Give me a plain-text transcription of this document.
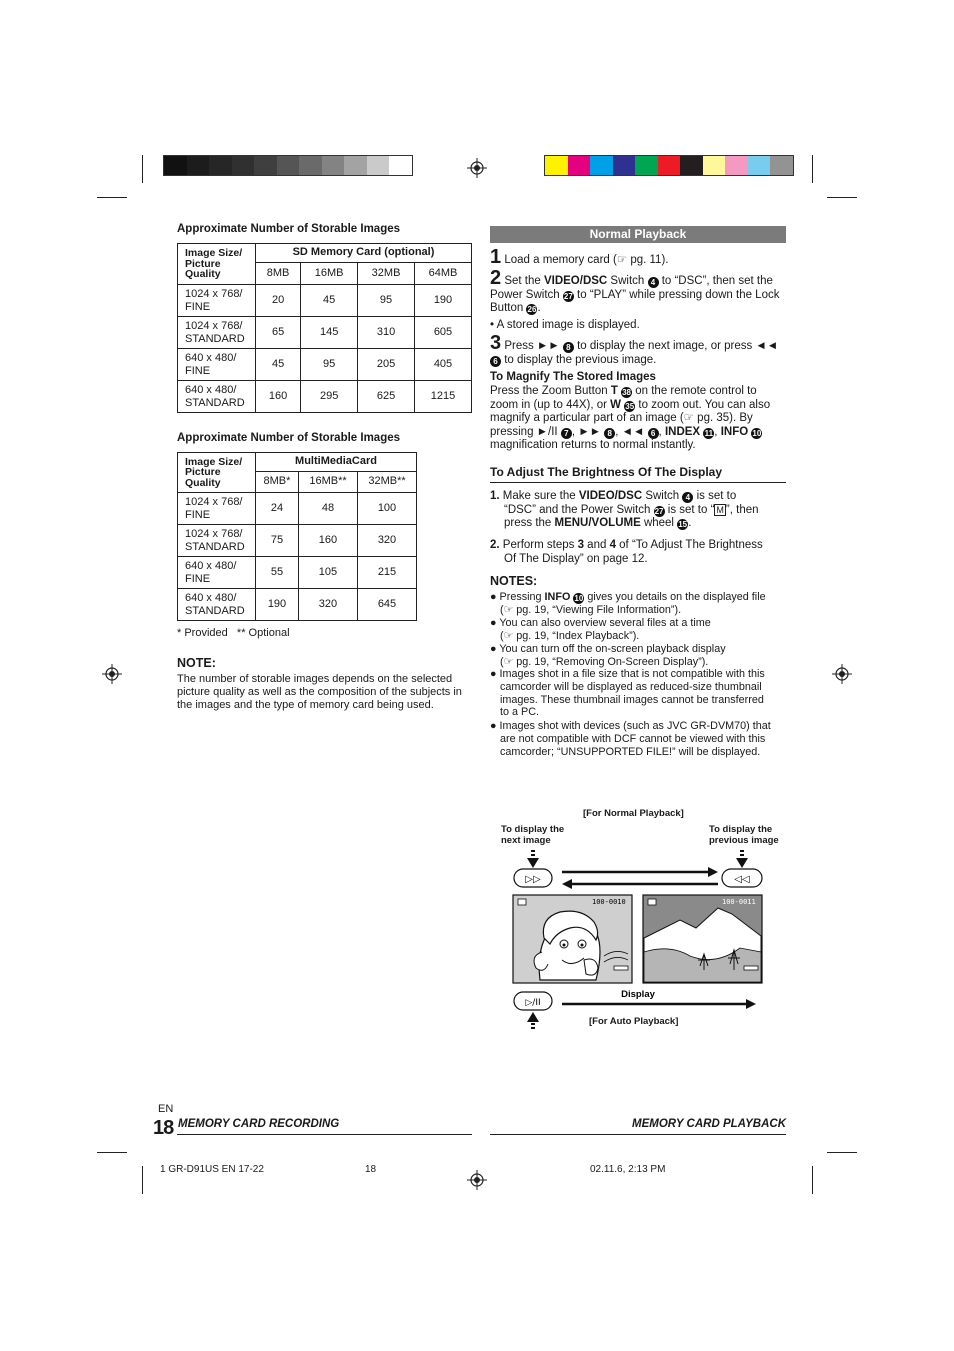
Approximate Number of Storable Images
Image Size/
Picture
Quality	SD Memory Card (optional)			
	8MB	16MB	32MB	64MB

1024 x 768/
FINE	20	45	95	190

1024 x 768/
STANDARD	65	145	310	605

640 x 480/
FINE	45	95	205	405

640 x 480/
STANDARD	160	295	625	1215
Approximate Number of Storable Images
Image Size/
Picture
Quality	MultiMediaCard		
	8MB*	16MB**	32MB**

1024 x 768/
FINE	24	48	100

1024 x 768/
STANDARD	75	160	320

640 x 480/
FINE	55	105	215

640 x 480/
STANDARD	190	320	645
* Provided   ** Optional
NOTE:
The number of storable images depends on the selected picture quality as well as the composition of the subjects in the images and the type of memory card being used.
Normal Playback
1 Load a memory card (☞ pg. 11).
2 Set the VIDEO/DSC Switch 4 to “DSC”, then set the Power Switch 27 to “PLAY” while pressing down the Lock Button 26.
• A stored image is displayed.
3 Press ►► 8 to display the next image, or press ◄◄ 6 to display the previous image.
To Magnify The Stored Images
Press the Zoom Button T 38 on the remote control to
zoom in (up to 44X), or W 35 to zoom out. You can also
magnify a particular part of an image (☞ pg. 35). By
pressing ►/II 7 , ►► 8 , ◄◄ 6 , INDEX 11, INFO 10
magnification returns to normal instantly.
To Adjust The Brightness Of The Display
1. Make sure the VIDEO/DSC Switch 4 is set to
“DSC” and the Power Switch 27 is set to “ M ”, then
press the MENU/VOLUME wheel 15.
2. Perform steps 3 and 4 of “To Adjust The Brightness
Of The Display” on page 12.
NOTES:
● Pressing INFO 10 gives you details on the displayed file
(☞ pg. 19, “Viewing File Information”).
● You can also overview several files at a time
(☞ pg. 19, “Index Playback”).
● You can turn off the on-screen playback display
(☞ pg. 19, “Removing On-Screen Display”).
● Images shot in a file size that is not compatible with this
camcorder will be displayed as reduced-size thumbnail
images. These thumbnail images cannot be transferred
to a PC.
● Images shot with devices (such as JVC GR-DVM70) that
are not compatible with DCF cannot be viewed with this
camcorder; “UNSUPPORTED FILE!” will be displayed.
[For Normal Playback]
To display the
next image
To display the
previous image
▷▷	◁◁
100-0010	100-0011
▷/II
Display
[For Auto Playback]
EN
18 MEMORY CARD RECORDING	MEMORY CARD PLAYBACK
1 GR-D91US EN 17-22	18	02.11.6, 2:13 PM
